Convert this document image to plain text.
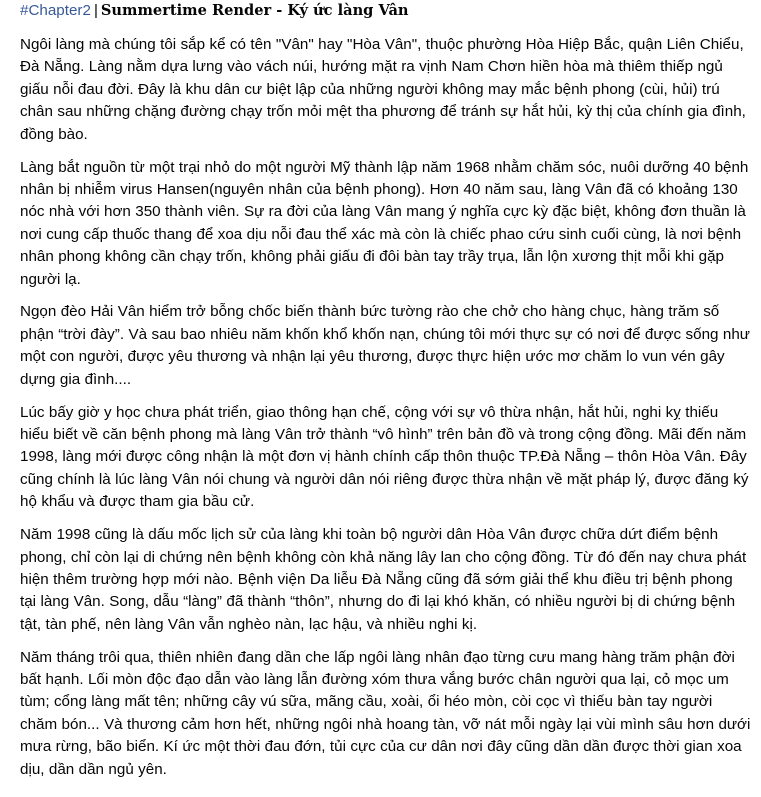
#Chapter2 | Summertime Render - Ký ức làng Vân

Ngôi làng mà chúng tôi sắp kể có tên "Vân" hay "Hòa Vân", thuộc phường Hòa Hiệp Bắc, quận Liên Chiểu, Đà Nẵng. Làng nằm dựa lưng vào vách núi, hướng mặt ra vịnh Nam Chơn hiền hòa mà thiêm thiếp ngủ giấu nỗi đau đời. Đây là khu dân cư biệt lập của những người không may mắc bệnh phong (cùi, hủi) trú chân sau những chặng đường chạy trốn mỏi mệt tha phương để tránh sự hắt hủi, kỳ thị của chính gia đình, đồng bào.

Làng bắt nguồn từ một trại nhỏ do một người Mỹ thành lập năm 1968 nhằm chăm sóc, nuôi dưỡng 40 bệnh nhân bị nhiễm virus Hansen(nguyên nhân của bệnh phong). Hơn 40 năm sau, làng Vân đã có khoảng 130 nóc nhà với hơn 350 thành viên. Sự ra đời của làng Vân mang ý nghĩa cực kỳ đặc biệt, không đơn thuần là nơi cung cấp thuốc thang để xoa dịu nỗi đau thể xác mà còn là chiếc phao cứu sinh cuối cùng, là nơi bệnh nhân phong không cần chạy trốn, không phải giấu đi đôi bàn tay trầy trụa, lẫn lộn xương thịt mỗi khi gặp người lạ.

Ngọn đèo Hải Vân hiểm trở bỗng chốc biến thành bức tường rào che chở cho hàng chục, hàng trăm số phận “trời đày”. Và sau bao nhiêu năm khốn khổ khốn nạn, chúng tôi mới thực sự có nơi để được sống như một con người, được yêu thương và nhận lại yêu thương, được thực hiện ước mơ chăm lo vun vén gây dựng gia đình....

Lúc bấy giờ y học chưa phát triển, giao thông hạn chế, cộng với sự vô thừa nhận, hắt hủi, nghi kỵ thiếu hiểu biết về căn bệnh phong mà làng Vân trở thành “vô hình” trên bản đồ và trong cộng đồng. Mãi đến năm 1998, làng mới được công nhận là một đơn vị hành chính cấp thôn thuộc TP.Đà Nẵng – thôn Hòa Vân. Đây cũng chính là lúc làng Vân nói chung và người dân nói riêng được thừa nhận về mặt pháp lý, được đăng ký hộ khẩu và được tham gia bầu cử.

Năm 1998 cũng là dấu mốc lịch sử của làng khi toàn bộ người dân Hòa Vân được chữa dứt điểm bệnh phong, chỉ còn lại di chứng nên bệnh không còn khả năng lây lan cho cộng đồng. Từ đó đến nay chưa phát hiện thêm trường hợp mới nào. Bệnh viện Da liễu Đà Nẵng cũng đã sớm giải thể khu điều trị bệnh phong tại làng Vân. Song, dẫu “làng” đã thành “thôn”, nhưng do đi lại khó khăn, có nhiều người bị di chứng bệnh tật, tàn phế, nên làng Vân vẫn nghèo nàn, lạc hậu, và nhiều nghi kị.

Năm tháng trôi qua, thiên nhiên đang dần che lấp ngôi làng nhân đạo từng cưu mang hàng trăm phận đời bất hạnh. Lối mòn độc đạo dẫn vào làng lẫn đường xóm thưa vắng bước chân người qua lại, cỏ mọc um tùm; cổng làng mất tên; những cây vú sữa, mãng cầu, xoài, ổi héo mòn, còi cọc vì thiếu bàn tay người chăm bón... Và thương cảm hơn hết, những ngôi nhà hoang tàn, vỡ nát mỗi ngày lại vùi mình sâu hơn dưới mưa rừng, bão biển. Kí ức một thời đau đớn, tủi cực của cư dân nơi đây cũng dần dần được thời gian xoa dịu, dần dần ngủ yên.
